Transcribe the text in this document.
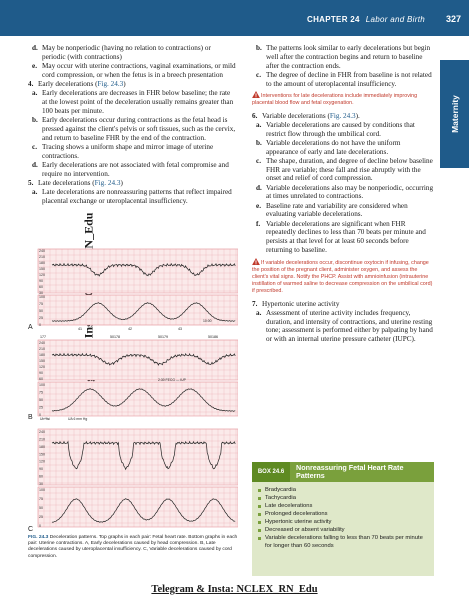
CHAPTER 24 Labor and Birth 327
Maternity
d. May be nonperiodic (having no relation to contractions) or periodic (with contractions)
e. May occur with uterine contractions, vaginal examinations, or mild cord compression, or when the fetus is in a breech presentation
4. Early decelerations (Fig. 24.3)
a. Early decelerations are decreases in FHR below baseline; the rate at the lowest point of the deceleration usually remains greater than 100 beats per minute.
b. Early decelerations occur during contractions as the fetal head is pressed against the client's pelvis or soft tissues, such as the cervix, and return to baseline FHR by the end of the contraction.
c. Tracing shows a uniform shape and mirror image of uterine contractions.
d. Early decelerations are not associated with fetal compromise and require no intervention.
5. Late decelerations (Fig. 24.3)
a. Late decelerations are nonreassuring patterns that reflect impaired placental exchange or uteroplacental insufficiency.
b. The patterns look similar to early decelerations but begin well after the contraction begins and return to baseline after the contraction ends.
c. The degree of decline in FHR from baseline is not related to the amount of uteroplacental insufficiency.
Interventions for late decelerations include immediately improving placental blood flow and fetal oxygenation.
6. Variable decelerations (Fig. 24.3).
a. Variable decelerations are caused by conditions that restrict flow through the umbilical cord.
b. Variable decelerations do not have the uniform appearance of early and late decelerations.
c. The shape, duration, and degree of decline below baseline FHR are variable; these fall and rise abruptly with the onset and relief of cord compression.
d. Variable decelerations also may be nonperiodic, occurring at times unrelated to contractions.
e. Baseline rate and variability are considered when evaluating variable decelerations.
f. Variable decelerations are significant when FHR repeatedly declines to less than 70 beats per minute and persists at that level for at least 60 seconds before returning to baseline.
If variable decelerations occur, discontinue oxytocin if infusing, change the position of the pregnant client, administer oxygen, and assess the client's vital signs. Notify the PHCP. Assist with amnioinfusion (intrauterine instillation of warmed saline to decrease compression on the umbilical cord) if prescribed.
7. Hypertonic uterine activity
a. Assessment of uterine activity includes frequency, duration, and intensity of contractions, and uterine resting tone; assessment is performed either by palpating by hand or with an internal uterine pressure catheter (IUPC).
240
210
180
150
120
90
60
30
100
75
50
25
0
10:00
41	42	43
A
177	50178	50179	50186
240
210
180
150
120
90
60
100
75
50
25
0
2:30 FECG — IUP
Ub*ftsi	UA 6 mm Hg
B
240
210
180
150
120
90
60
30
100
75
50
25
0
C
FIG. 24.3 Deceleration patterns. Top graphs in each pair: Fetal heart rate. Bottom graphs in each pair: Uterine contractions. A, Early decelerations caused by head compression. B, Late decelerations caused by uteroplacental insufficiency. C, Variable decelerations caused by cord compression.
BOX 24.6	Nonreassuring Fetal Heart Rate Patterns
Bradycardia
Tachycardia
Late decelerations
Prolonged decelerations
Hypertonic uterine activity
Decreased or absent variability
Variable decelerations falling to less than 70 beats per minute for longer than 60 seconds
Telegram & Insta: NCLEX_RN_Edu
